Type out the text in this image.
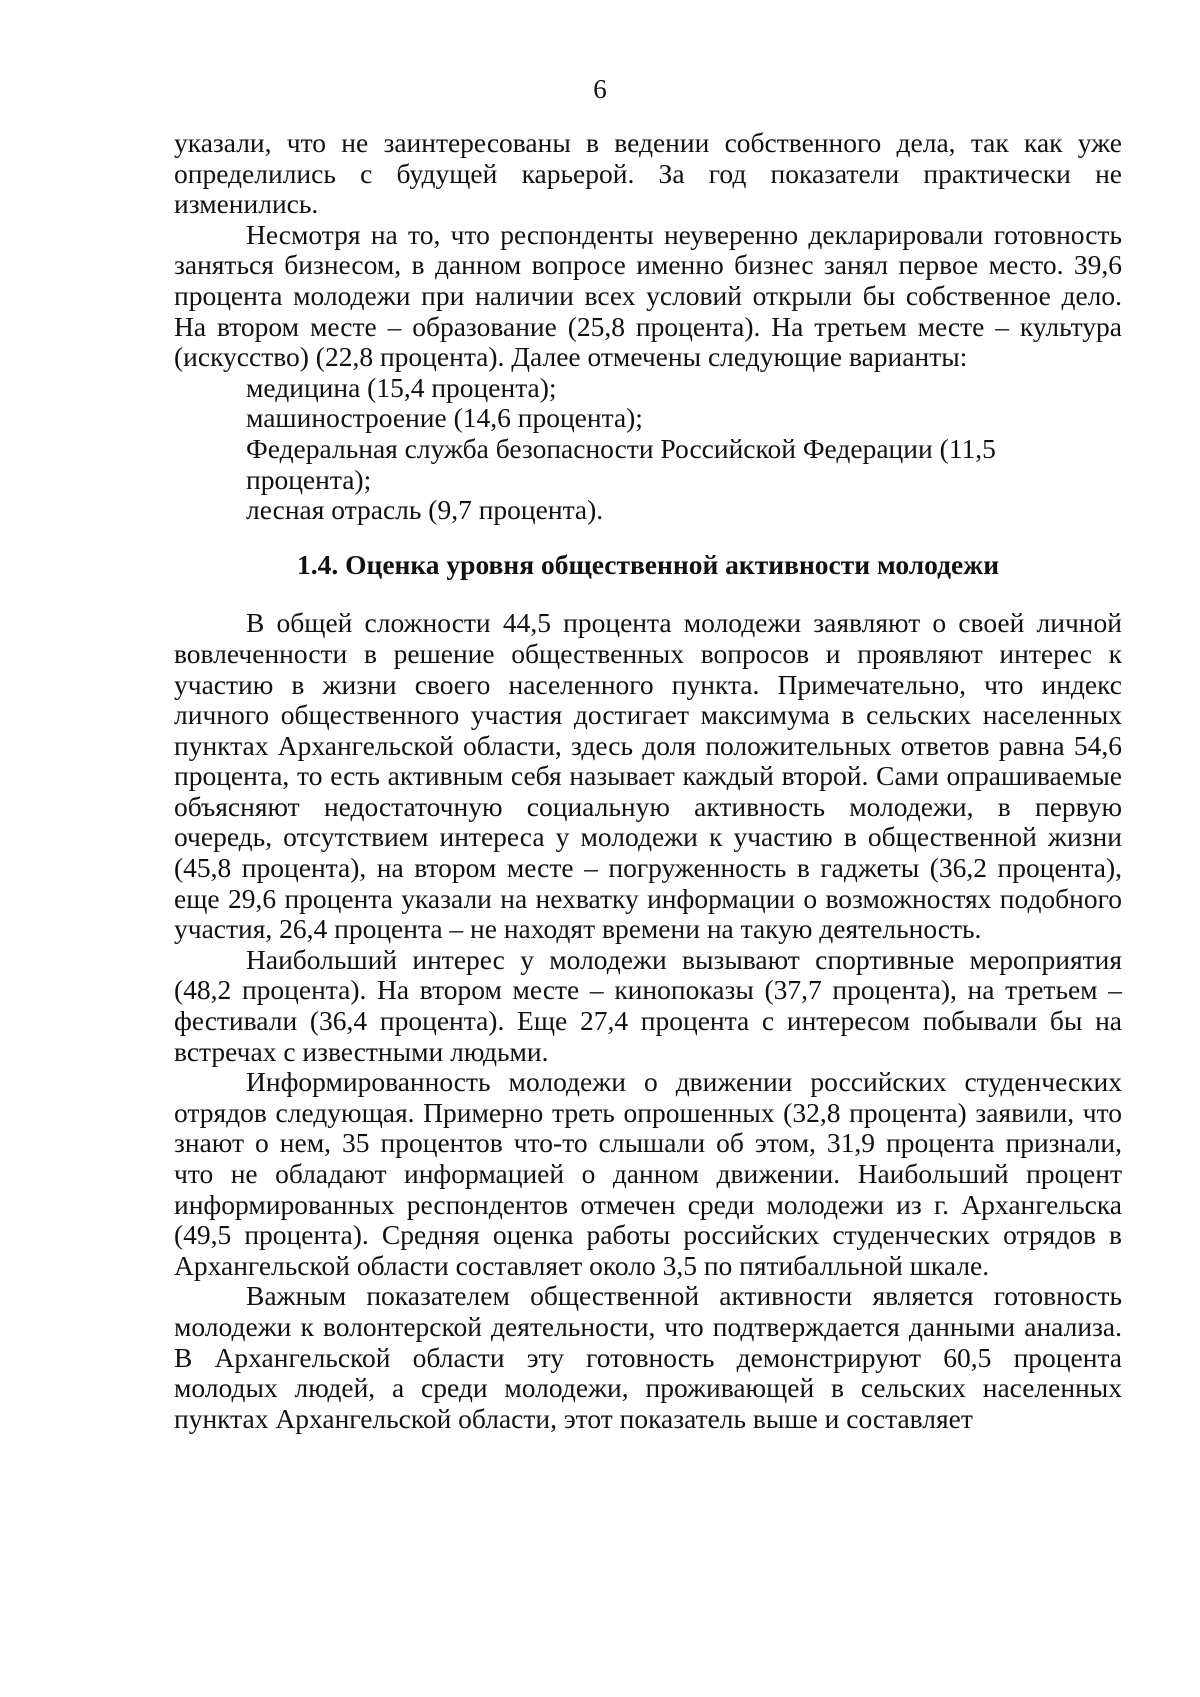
6

указали, что не заинтересованы в ведении собственного дела, так как уже определились с будущей карьерой. За год показатели практически не изменились.

Несмотря на то, что респонденты неуверенно декларировали готовность заняться бизнесом, в данном вопросе именно бизнес занял первое место. 39,6 процента молодежи при наличии всех условий открыли бы собственное дело. На втором месте – образование (25,8 процента). На третьем месте – культура (искусство) (22,8 процента). Далее отмечены следующие варианты:

медицина (15,4 процента);

машиностроение (14,6 процента);

Федеральная служба безопасности Российской Федерации (11,5 процента);

лесная отрасль (9,7 процента).

1.4. Оценка уровня общественной активности молодежи

В общей сложности 44,5 процента молодежи заявляют о своей личной вовлеченности в решение общественных вопросов и проявляют интерес к участию в жизни своего населенного пункта. Примечательно, что индекс личного общественного участия достигает максимума в сельских населенных пунктах Архангельской области, здесь доля положительных ответов равна 54,6 процента, то есть активным себя называет каждый второй. Сами опрашиваемые объясняют недостаточную социальную активность молодежи, в первую очередь, отсутствием интереса у молодежи к участию в общественной жизни (45,8 процента), на втором месте – погруженность в гаджеты (36,2 процента), еще 29,6 процента указали на нехватку информации о возможностях подобного участия, 26,4 процента – не находят времени на такую деятельность.

Наибольший интерес у молодежи вызывают спортивные мероприятия (48,2 процента). На втором месте – кинопоказы (37,7 процента), на третьем – фестивали (36,4 процента). Еще 27,4 процента с интересом побывали бы на встречах с известными людьми.

Информированность молодежи о движении российских студенческих отрядов следующая. Примерно треть опрошенных (32,8 процента) заявили, что знают о нем, 35 процентов что-то слышали об этом, 31,9 процента признали, что не обладают информацией о данном движении. Наибольший процент информированных респондентов отмечен среди молодежи из г. Архангельска (49,5 процента). Средняя оценка работы российских студенческих отрядов в Архангельской области составляет около 3,5 по пятибалльной шкале.

Важным показателем общественной активности является готовность молодежи к волонтерской деятельности, что подтверждается данными анализа. В Архангельской области эту готовность демонстрируют 60,5 процента молодых людей, а среди молодежи, проживающей в сельских населенных пунктах Архангельской области, этот показатель выше и составляет
